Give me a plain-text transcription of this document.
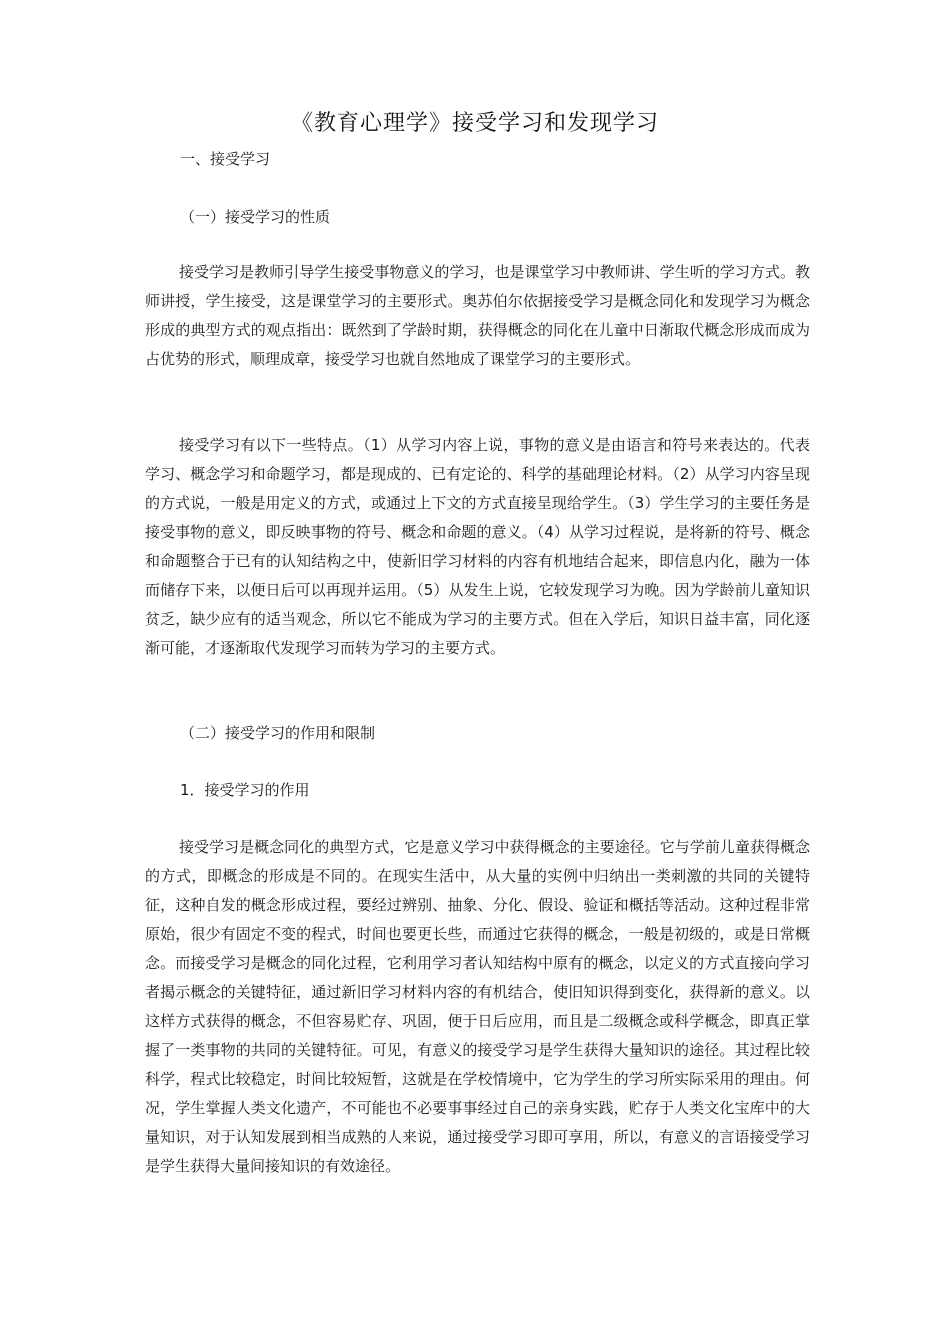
《教育心理学》接受学习和发现学习
一、接受学习
（一）接受学习的性质
接受学习是教师引导学生接受事物意义的学习，也是课堂学习中教师讲、学生听的学习方式。教师讲授，学生接受，这是课堂学习的主要形式。奥苏伯尔依据接受学习是概念同化和发现学习为概念形成的典型方式的观点指出：既然到了学龄时期，获得概念的同化在儿童中日渐取代概念形成而成为占优势的形式，顺理成章，接受学习也就自然地成了课堂学习的主要形式。
接受学习有以下一些特点。（1）从学习内容上说，事物的意义是由语言和符号来表达的。代表学习、概念学习和命题学习，都是现成的、已有定论的、科学的基础理论材料。（2）从学习内容呈现的方式说，一般是用定义的方式，或通过上下文的方式直接呈现给学生。（3）学生学习的主要任务是接受事物的意义，即反映事物的符号、概念和命题的意义。（4）从学习过程说，是将新的符号、概念和命题整合于已有的认知结构之中，使新旧学习材料的内容有机地结合起来，即信息内化，融为一体而储存下来，以便日后可以再现并运用。（5）从发生上说，它较发现学习为晚。因为学龄前儿童知识贫乏，缺少应有的适当观念，所以它不能成为学习的主要方式。但在入学后，知识日益丰富，同化逐渐可能，才逐渐取代发现学习而转为学习的主要方式。
（二）接受学习的作用和限制
1．接受学习的作用
接受学习是概念同化的典型方式，它是意义学习中获得概念的主要途径。它与学前儿童获得概念的方式，即概念的形成是不同的。在现实生活中，从大量的实例中归纳出一类刺激的共同的关键特征，这种自发的概念形成过程，要经过辨别、抽象、分化、假设、验证和概括等活动。这种过程非常原始，很少有固定不变的程式，时间也要更长些，而通过它获得的概念，一般是初级的，或是日常概念。而接受学习是概念的同化过程，它利用学习者认知结构中原有的概念，以定义的方式直接向学习者揭示概念的关键特征，通过新旧学习材料内容的有机结合，使旧知识得到变化，获得新的意义。以这样方式获得的概念，不但容易贮存、巩固，便于日后应用，而且是二级概念或科学概念，即真正掌握了一类事物的共同的关键特征。可见，有意义的接受学习是学生获得大量知识的途径。其过程比较科学，程式比较稳定，时间比较短暂，这就是在学校情境中，它为学生的学习所实际采用的理由。何况，学生掌握人类文化遗产，不可能也不必要事事经过自己的亲身实践，贮存于人类文化宝库中的大量知识，对于认知发展到相当成熟的人来说，通过接受学习即可享用，所以，有意义的言语接受学习是学生获得大量间接知识的有效途径。
